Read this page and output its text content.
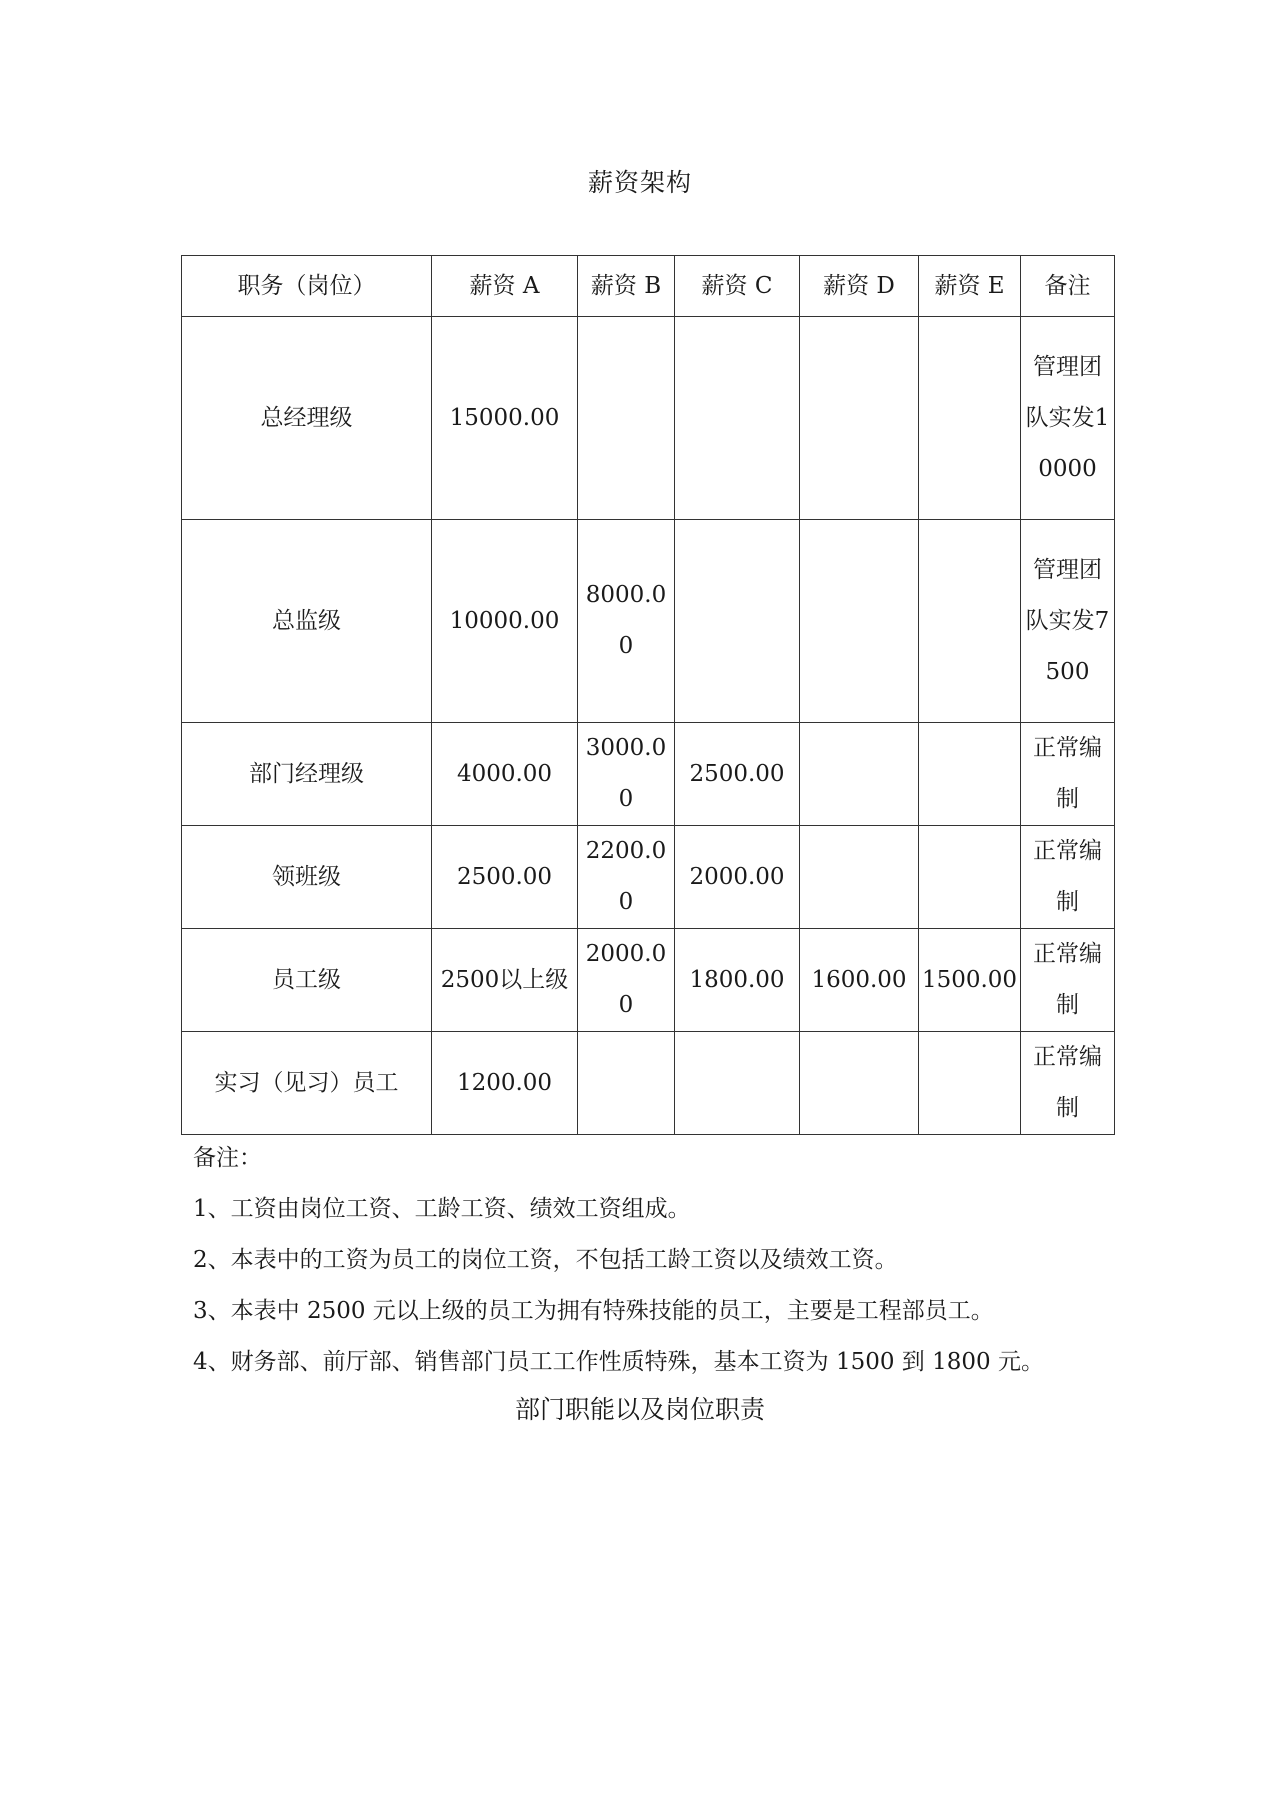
薪资架构
职务（岗位）	薪资 A	薪资 B	薪资 C	薪资 D	薪资 E	备注
总经理级	15000.00					管理团队实发10000
总监级	10000.00	8000.00				管理团队实发7500
部门经理级	4000.00	3000.00	2500.00			正常编制
领班级	2500.00	2200.00	2000.00			正常编制
员工级	2500以上级	2000.00	1800.00	1600.00	1500.00	正常编制
实习（见习）员工	1200.00					正常编制

备注：

1、工资由岗位工资、工龄工资、绩效工资组成。

2、本表中的工资为员工的岗位工资，不包括工龄工资以及绩效工资。

3、本表中 2500 元以上级的员工为拥有特殊技能的员工，主要是工程部员工。

4、财务部、前厅部、销售部门员工工作性质特殊，基本工资为 1500 到 1800 元。

部门职能以及岗位职责
